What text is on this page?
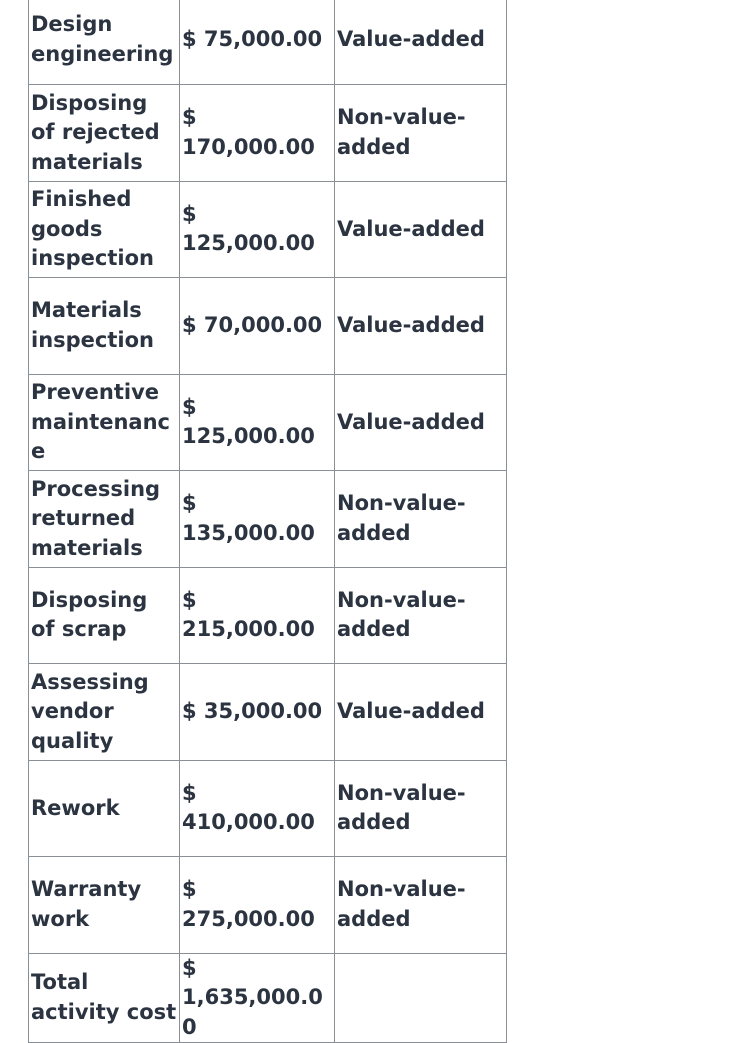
Design engineering	$ 75,000.00	Value-added
Disposing of rejected materials	$ 170,000.00	Non-value-added
Finished goods inspection	$ 125,000.00	Value-added
Materials inspection	$ 70,000.00	Value-added
Preventive maintenance	$ 125,000.00	Value-added
Processing returned materials	$ 135,000.00	Non-value-added
Disposing of scrap	$ 215,000.00	Non-value-added
Assessing vendor quality	$ 35,000.00	Value-added
Rework	$ 410,000.00	Non-value-added
Warranty work	$ 275,000.00	Non-value-added
Total activity cost	$ 1,635,000.00	
